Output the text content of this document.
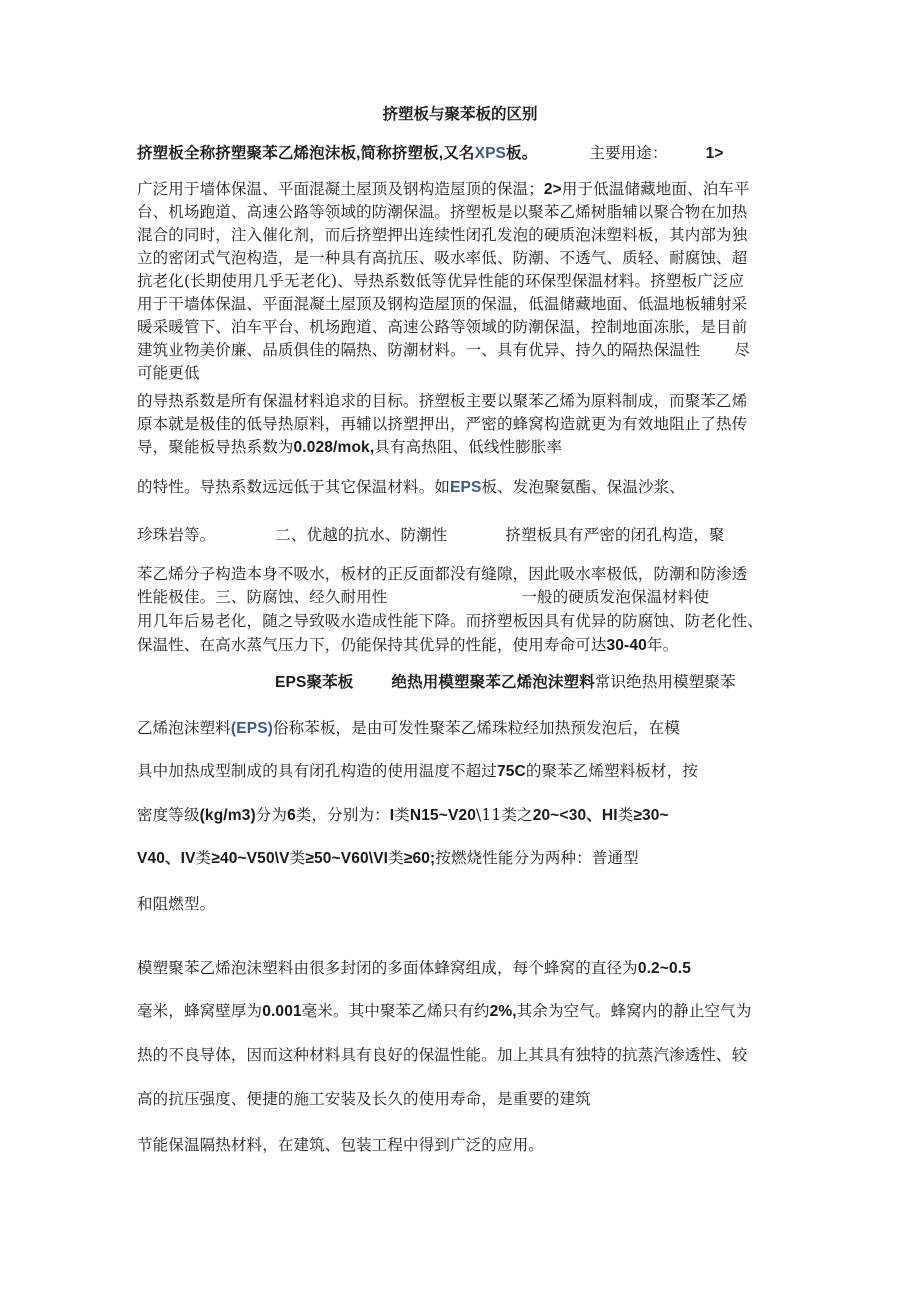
挤塑板与聚苯板的区别
挤塑板全称挤塑聚苯乙烯泡沫板,简称挤塑板,又名XPS板。	主要用途： 1>
广泛用于墙体保温、平面混凝土屋顶及钢构造屋顶的保温；2>用于低温储藏地面、泊车平
台、机场跑道、高速公路等领域的防潮保温。挤塑板是以聚苯乙烯树脂辅以聚合物在加热
混合的同时，注入催化剂，而后挤塑押出连续性闭孔发泡的硬质泡沫塑料板，其内部为独
立的密闭式气泡构造，是一种具有高抗压、吸水率低、防潮、不透气、质轻、耐腐蚀、超
抗老化(长期使用几乎无老化)、导热系数低等优异性能的环保型保温材料。挤塑板广泛应
用于干墙体保温、平面混凝土屋顶及钢构造屋顶的保温，低温储藏地面、低温地板辅射采
暖采暖管下、泊车平台、机场跑道、高速公路等领域的防潮保温，控制地面冻胀，是目前
建筑业物美价廉、品质俱佳的隔热、防潮材料。一、具有优异、持久的隔热保温性 尽
可能更低
的导热系数是所有保温材料追求的目标。挤塑板主要以聚苯乙烯为原料制成，而聚苯乙烯
原本就是极佳的低导热原料，再辅以挤塑押出，严密的蜂窝构造就更为有效地阻止了热传
导，聚能板导热系数为0.028/mok,具有高热阻、低线性膨胀率
的特性。导热系数远远低于其它保温材料。如EPS板、发泡聚氨酯、保温沙浆、
珍珠岩等。	二、优越的抗水、防潮性	挤塑板具有严密的闭孔构造，聚
苯乙烯分子构造本身不吸水，板材的正反面都没有缝隙，因此吸水率极低，防潮和防渗透
性能极佳。三、防腐蚀、经久耐用性	一般的硬质发泡保温材料使
用几年后易老化，随之导致吸水造成性能下降。而挤塑板因具有优异的防腐蚀、防老化性、
保温性、在高水蒸气压力下，仍能保持其优异的性能，使用寿命可达30-40年。
EPS聚苯板 绝热用模塑聚苯乙烯泡沫塑料常识绝热用模塑聚苯
乙烯泡沫塑料(EPS)俗称苯板，是由可发性聚苯乙烯珠粒经加热预发泡后，在模
具中加热成型制成的具有闭孔构造的使用温度不超过75C的聚苯乙烯塑料板材，按
密度等级(kg/m3)分为6类，分别为：I类N15~V20\11类之20~<30、HI类≥30~
V40、IV类≥40~V50\V类≥50~V60\VI类≥60;按燃烧性能分为两种：普通型
和阻燃型。
模塑聚苯乙烯泡沫塑料由很多封闭的多面体蜂窝组成，每个蜂窝的直径为0.2~0.5
毫米，蜂窝壁厚为0.001毫米。其中聚苯乙烯只有约2%,其余为空气。蜂窝内的静止空气为
热的不良导体，因而这种材料具有良好的保温性能。加上其具有独特的抗蒸汽渗透性、较
高的抗压强度、便捷的施工安装及长久的使用寿命，是重要的建筑
节能保温隔热材料，在建筑、包装工程中得到广泛的应用。
